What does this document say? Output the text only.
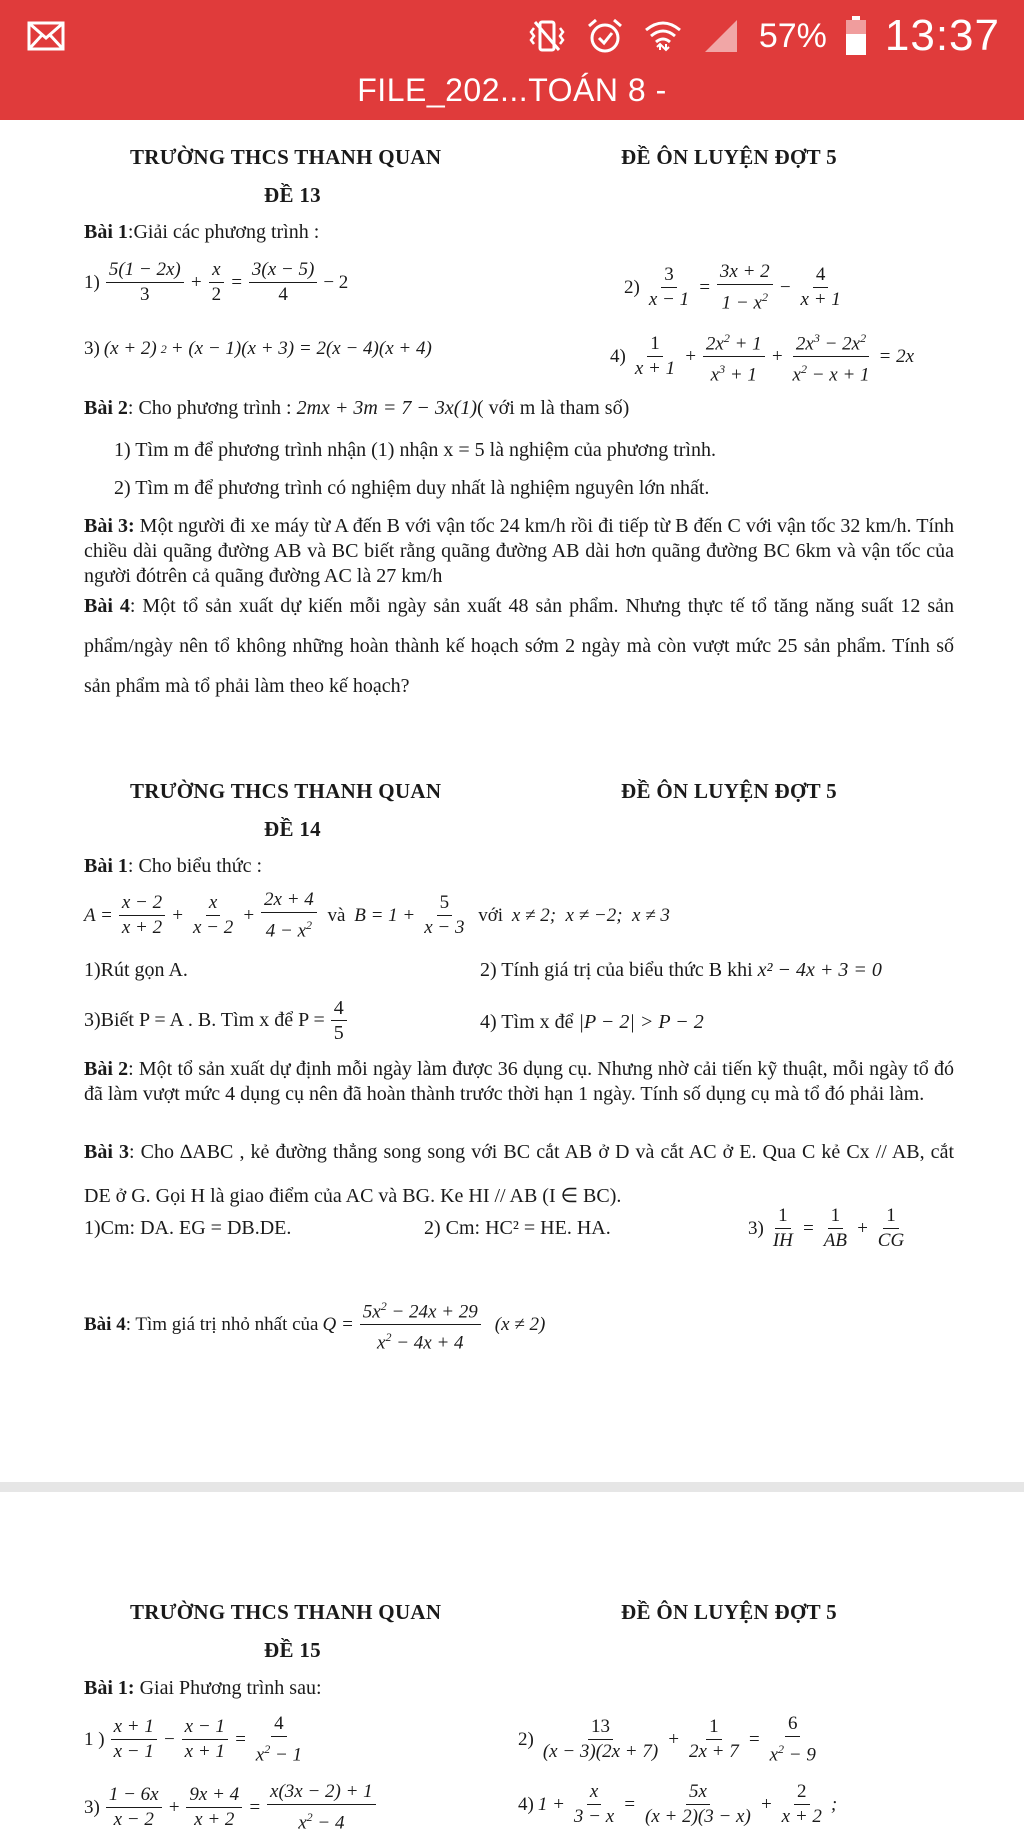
57% 13:37
FILE_202...TOÁN 8 -
TRƯỜNG THCS THANH QUAN	ĐỀ ÔN LUYỆN ĐỢT 5
ĐỀ 13
Bài 1:Giải các phương trình :
$1) \frac{5(1 - 2x)}{3} + \frac{x}{2} = \frac{3(x - 5)}{4} - 2$	$2) \frac{3}{x - 1} = \frac{3x + 2}{1 - x^2} - \frac{4}{x + 1}$
3) (x + 2) 2 + (x − 1)(x + 3) = 2(x − 4)(x + 4)	$4) \frac{1}{x + 1} + \frac{2x^2 + 1}{x^3 + 1} + \frac{2x^3 - 2x^2}{x^2 - x + 1} = 2x$
Bài 2: Cho phương trình : 2mx + 3m = 7 − 3x(1)( với m là tham số)
1) Tìm m để phương trình nhận (1) nhận x = 5 là nghiệm của phương trình.
2) Tìm m để phương trình có nghiệm duy nhất là nghiệm nguyên lớn nhất.
Bài 3: Một người đi xe máy từ A đến B với vận tốc 24 km/h rồi đi tiếp từ B đến C với vận tốc 32 km/h. Tính chiều dài quãng đường AB và BC biết rằng quãng đường AB dài hơn quãng đường BC 6km và vận tốc của người đótrên cả quãng đường AC là 27 km/h
Bài 4: Một tổ sản xuất dự kiến mỗi ngày sản xuất 48 sản phẩm. Nhưng thực tế tổ tăng năng suất 12 sản phẩm/ngày nên tổ không những hoàn thành kế hoạch sớm 2 ngày mà còn vượt mức 25 sản phẩm. Tính số sản phẩm mà tổ phải làm theo kế hoạch?
TRƯỜNG THCS THANH QUAN	ĐỀ ÔN LUYỆN ĐỢT 5
ĐỀ 14
Bài 1: Cho biểu thức :
$A = \frac{x - 2}{x + 2} + \frac{x}{x - 2} + \frac{2x + 4}{4 - x^2}$ và $B = 1 + \frac{5}{x - 3}$ với x ≠ 2;  x ≠ −2;  x ≠ 3
1)Rút gọn A.	2) Tính giá trị của biểu thức B khi x² − 4x + 3 = 0
3)Biết P = A . B. Tìm x để $P = \frac{4}{5}$	4) Tìm x để |P − 2| > P − 2
Bài 2: Một tổ sản xuất dự định mỗi ngày làm được 36 dụng cụ. Nhưng nhờ cải tiến kỹ thuật, mỗi ngày tổ đó đã làm vượt mức 4 dụng cụ nên đã hoàn thành trước thời hạn 1 ngày. Tính số dụng cụ mà tổ đó phải làm.
Bài 3: Cho ∆ABC , kẻ đường thẳng song song với BC cắt AB ở D và cắt AC ở E. Qua C kẻ Cx // AB, cắt DE ở G. Gọi H là giao điểm của AC và BG. Ke HI // AB (I ∈ BC).
1)Cm: DA. EG = DB.DE.	2) Cm: HC² = HE. HA.	$3) \frac{1}{IH} = \frac{1}{AB} + \frac{1}{CG}$
Bài 4: Tìm giá trị nhỏ nhất của $Q = \frac{5x^2 - 24x + 29}{x^2 - 4x + 4} (x \ne 2)$
TRƯỜNG THCS THANH QUAN	ĐỀ ÔN LUYỆN ĐỢT 5
ĐỀ 15
Bài 1: Giai Phương trình sau:
1 ) $\frac{x + 1}{x - 1} - \frac{x - 1}{x + 1} = \frac{4}{x^2 - 1}$	$2) \frac{13}{(x - 3)(2x + 7)} + \frac{1}{2x + 7} = \frac{6}{x^2 - 9}$
$3) \frac{1 - 6x}{x - 2} + \frac{9x + 4}{x + 2} = \frac{x(3x - 2) + 1}{x^2 - 4}$	4) $1 + \frac{x}{3 - x} = \frac{5x}{(x + 2)(3 - x)} + \frac{2}{x + 2}$ ;
